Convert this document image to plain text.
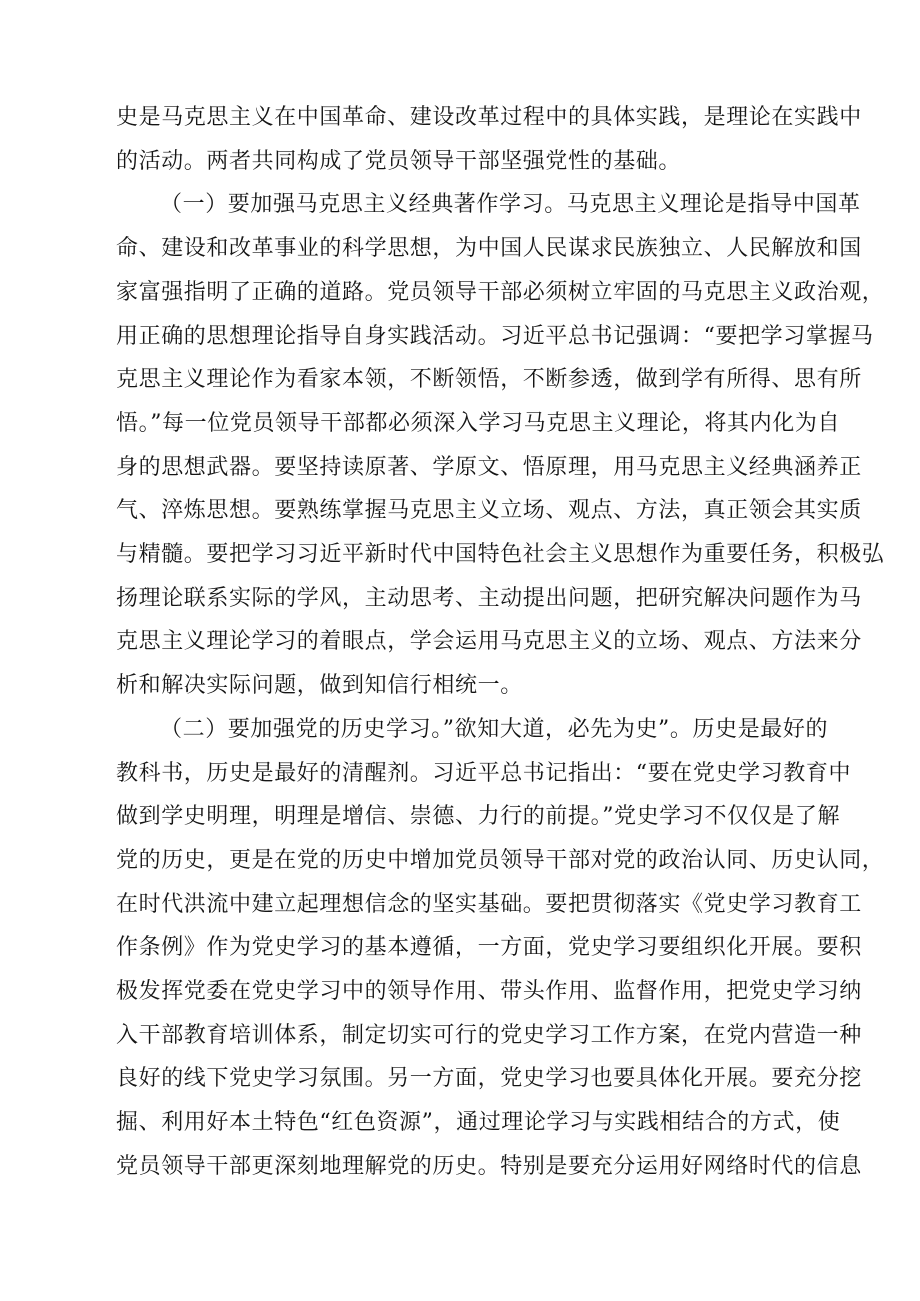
史是马克思主义在中国革命、建设改革过程中的具体实践，是理论在实践中
的活动。两者共同构成了党员领导干部坚强党性的基础。

（一）要加强马克思主义经典著作学习。马克思主义理论是指导中国革
命、建设和改革事业的科学思想，为中国人民谋求民族独立、人民解放和国
家富强指明了正确的道路。党员领导干部必须树立牢固的马克思主义政治观，
用正确的思想理论指导自身实践活动。习近平总书记强调：“要把学习掌握马
克思主义理论作为看家本领，不断领悟，不断参透，做到学有所得、思有所
悟。”每一位党员领导干部都必须深入学习马克思主义理论，将其内化为自
身的思想武器。要坚持读原著、学原文、悟原理，用马克思主义经典涵养正
气、淬炼思想。要熟练掌握马克思主义立场、观点、方法，真正领会其实质
与精髓。要把学习习近平新时代中国特色社会主义思想作为重要任务，积极弘
扬理论联系实际的学风，主动思考、主动提出问题，把研究解决问题作为马
克思主义理论学习的着眼点，学会运用马克思主义的立场、观点、方法来分
析和解决实际问题，做到知信行相统一。

（二）要加强党的历史学习。”欲知大道，必先为史”。历史是最好的
教科书，历史是最好的清醒剂。习近平总书记指出：“要在党史学习教育中
做到学史明理，明理是增信、崇德、力行的前提。”党史学习不仅仅是了解
党的历史，更是在党的历史中增加党员领导干部对党的政治认同、历史认同，
在时代洪流中建立起理想信念的坚实基础。要把贯彻落实《党史学习教育工
作条例》作为党史学习的基本遵循，一方面，党史学习要组织化开展。要积
极发挥党委在党史学习中的领导作用、带头作用、监督作用，把党史学习纳
入干部教育培训体系，制定切实可行的党史学习工作方案，在党内营造一种
良好的线下党史学习氛围。另一方面，党史学习也要具体化开展。要充分挖
掘、利用好本土特色“红色资源”，通过理论学习与实践相结合的方式，使
党员领导干部更深刻地理解党的历史。特别是要充分运用好网络时代的信息
